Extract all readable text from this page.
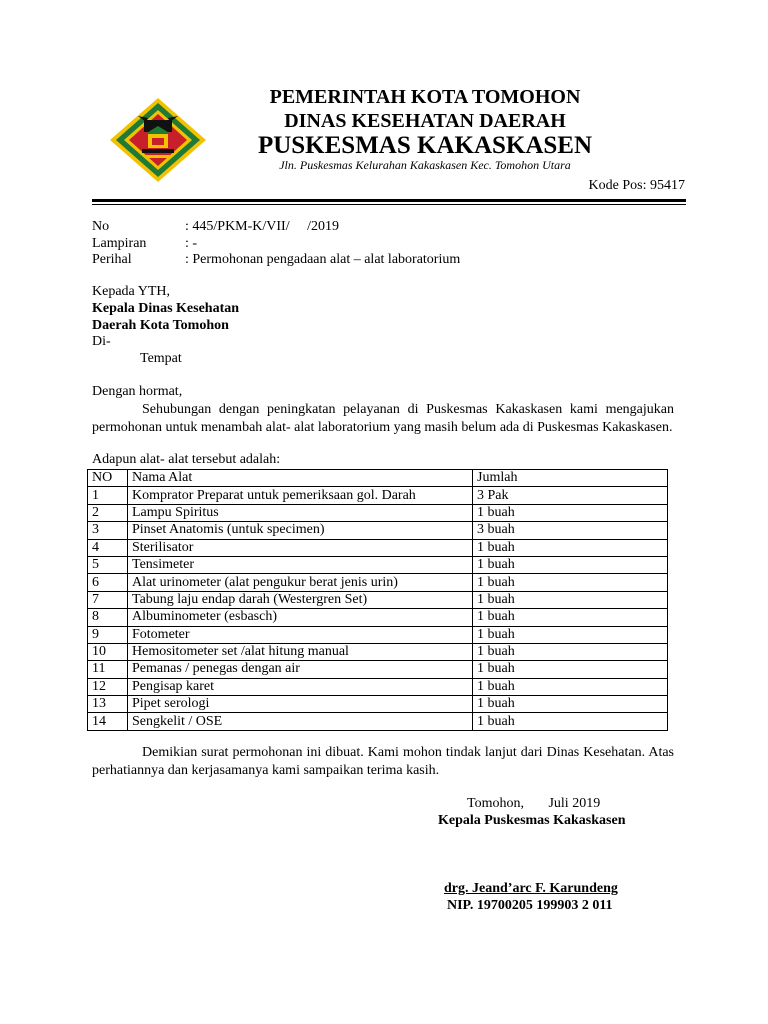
PEMERINTAH KOTA TOMOHON
DINAS KESEHATAN DAERAH
PUSKESMAS KAKASKASEN
Jln. Puskesmas Kelurahan Kakaskasen Kec. Tomohon Utara
Kode Pos: 95417
No	: 445/PKM-K/VII/     /2019
Lampiran	: -
Perihal	: Permohonan pengadaan alat – alat laboratorium
Kepada YTH,
Kepala Dinas Kesehatan
Daerah Kota Tomohon
Di-
Tempat
Dengan hormat,
Sehubungan dengan peningkatan pelayanan di Puskesmas Kakaskasen kami mengajukan permohonan untuk menambah alat- alat laboratorium yang masih belum ada di Puskesmas Kakaskasen.
Adapun alat- alat tersebut adalah:
NO	Nama Alat	Jumlah
1	Komprator Preparat untuk pemeriksaan gol. Darah	3 Pak
2	Lampu Spiritus	1 buah
3	Pinset Anatomis (untuk specimen)	3 buah
4	Sterilisator	1 buah
5	Tensimeter	1 buah
6	Alat urinometer (alat pengukur berat jenis urin)	1 buah
7	Tabung laju endap darah (Westergren Set)	1 buah
8	Albuminometer (esbasch)	1 buah
9	Fotometer	1 buah
10	Hemositometer set /alat hitung manual	1 buah
11	Pemanas / penegas dengan air	1 buah
12	Pengisap karet	1 buah
13	Pipet serologi	1 buah
14	Sengkelit / OSE	1 buah
Demikian surat permohonan ini dibuat. Kami mohon tindak lanjut dari Dinas Kesehatan. Atas perhatiannya dan kerjasamanya kami sampaikan terima kasih.
Tomohon,       Juli 2019
Kepala Puskesmas Kakaskasen
drg. Jeand’arc F. Karundeng
NIP. 19700205 199903 2 011
